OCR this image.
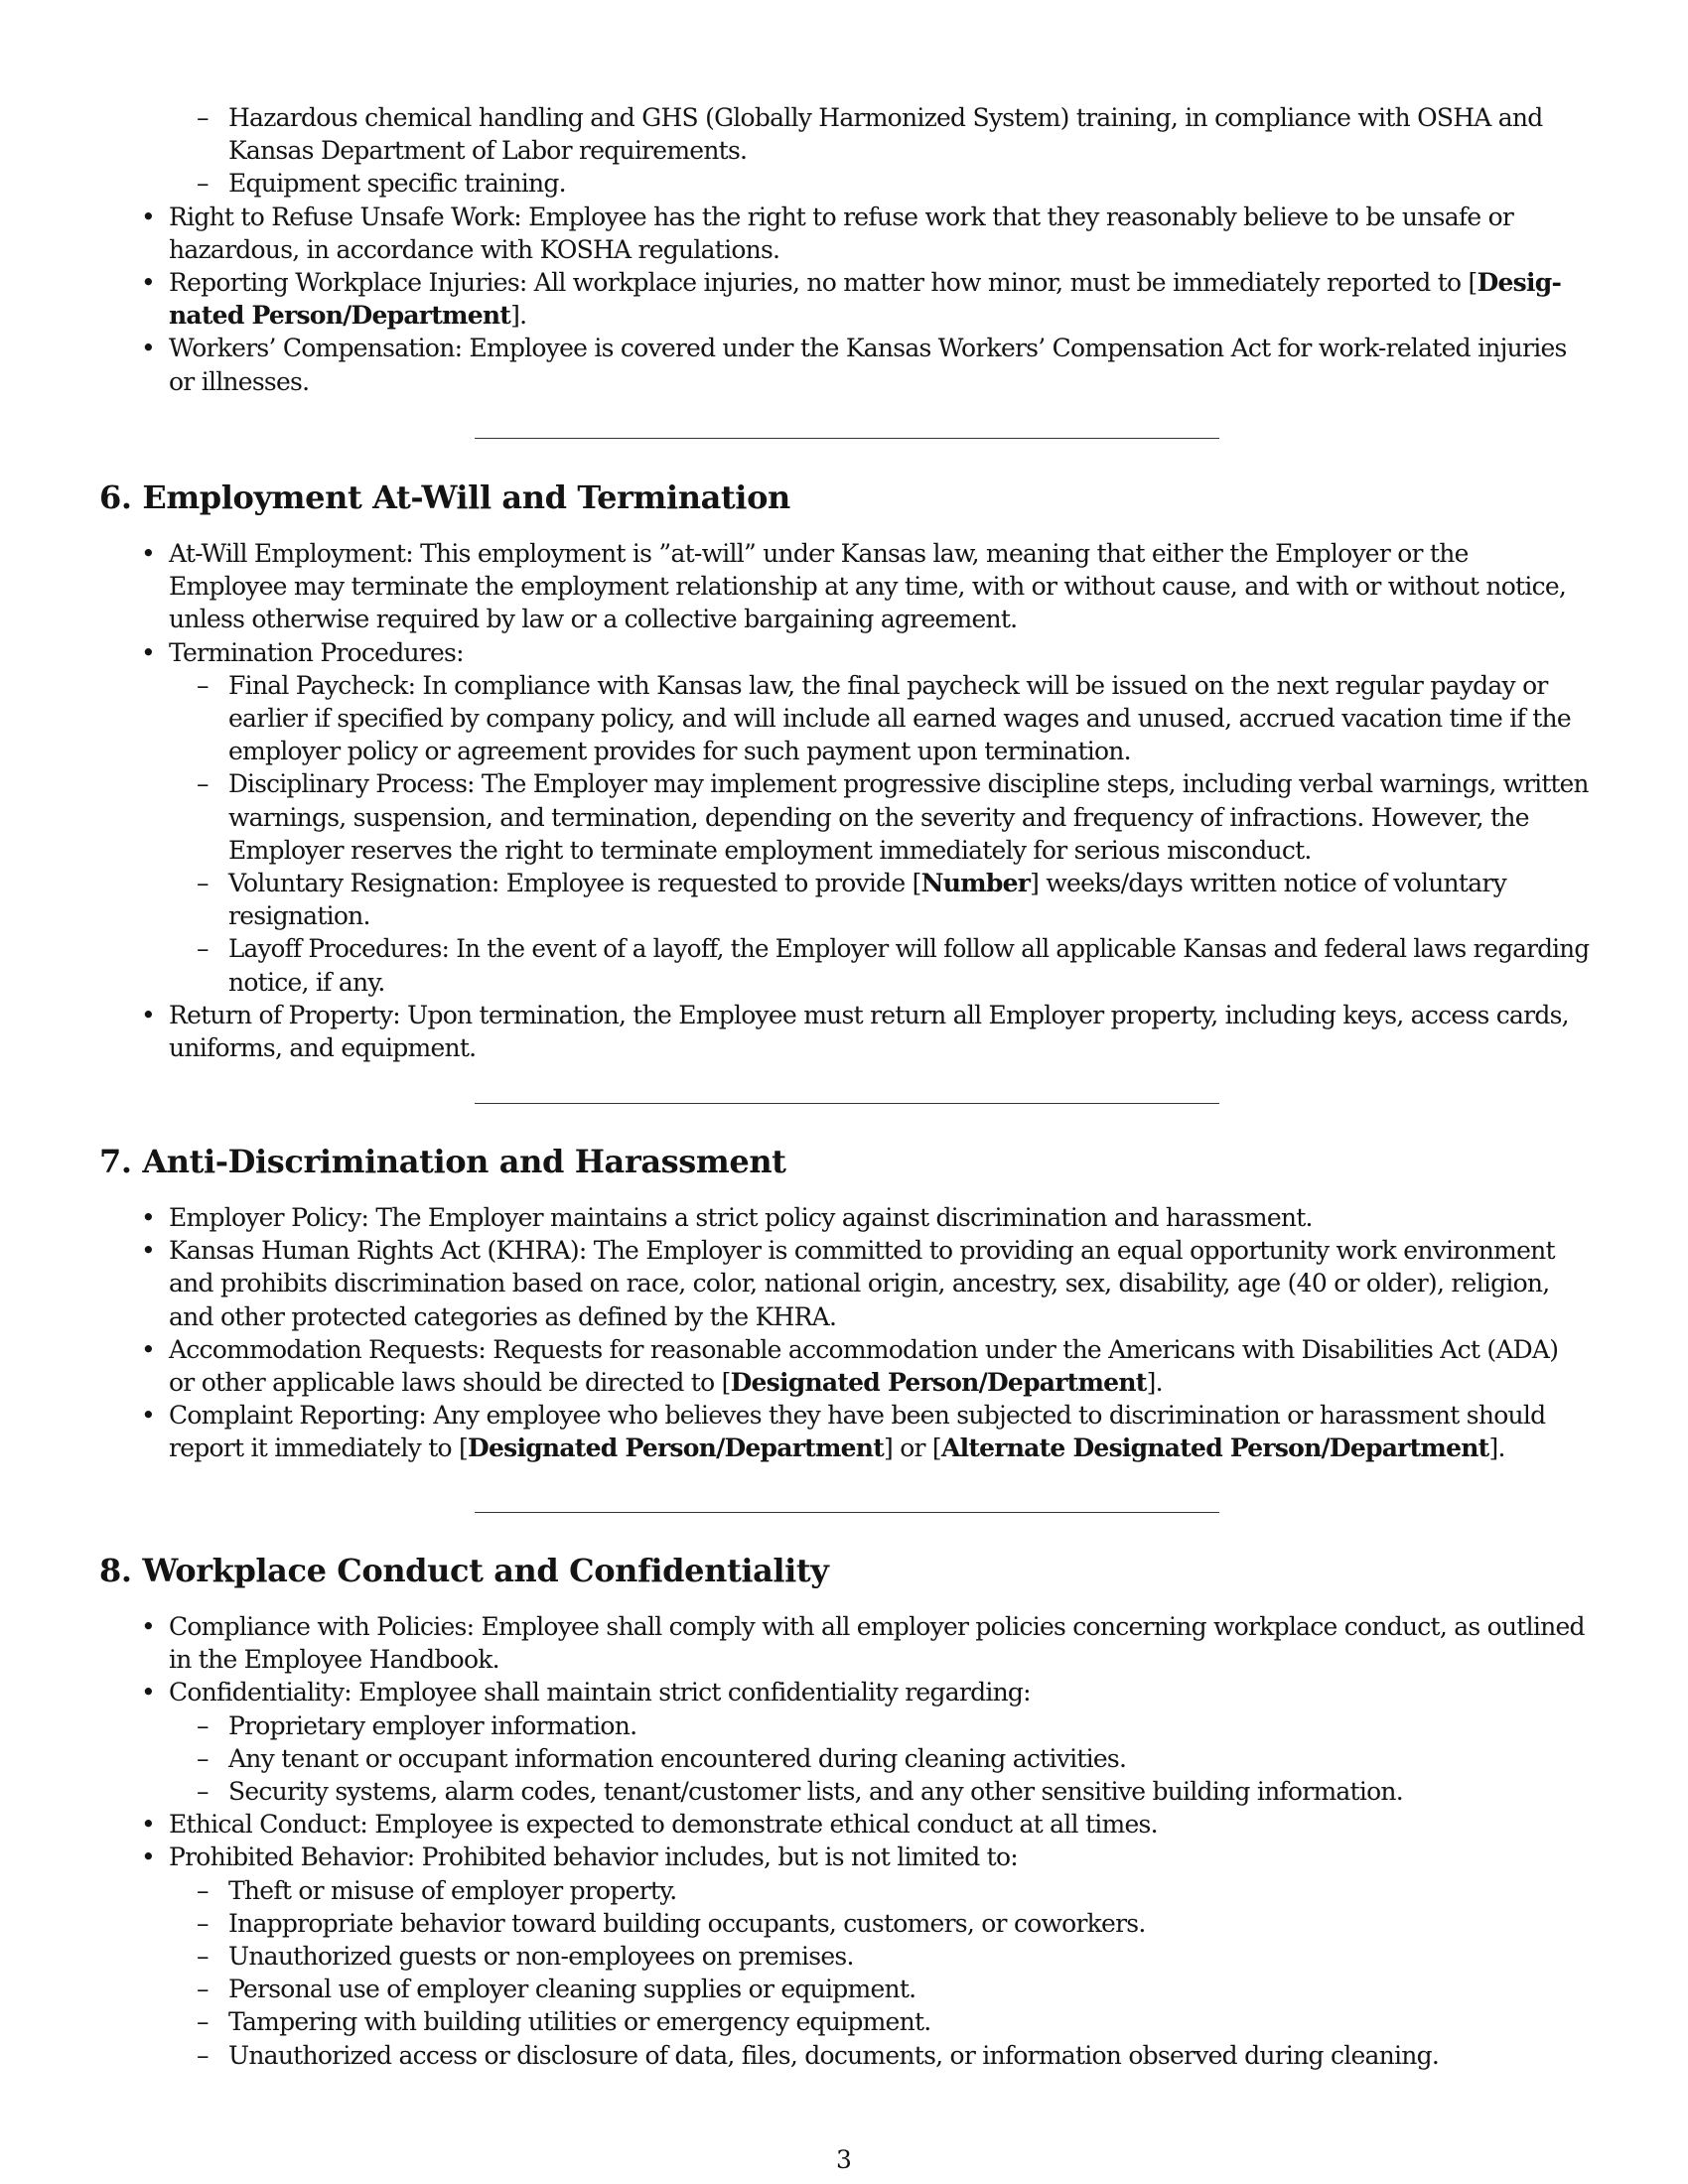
– Hazardous chemical handling and GHS (Globally Harmonized System) training, in compliance with OSHA and
Kansas Department of Labor requirements.
– Equipment specific training.
• Right to Refuse Unsafe Work: Employee has the right to refuse work that they reasonably believe to be unsafe or
hazardous, in accordance with KOSHA regulations.
• Reporting Workplace Injuries: All workplace injuries, no matter how minor, must be immediately reported to [Desig-
nated Person/Department].
• Workers’ Compensation: Employee is covered under the Kansas Workers’ Compensation Act for work-related injuries
or illnesses.
6. Employment At-Will and Termination
• At-Will Employment: This employment is ”at-will” under Kansas law, meaning that either the Employer or the
Employee may terminate the employment relationship at any time, with or without cause, and with or without notice,
unless otherwise required by law or a collective bargaining agreement.
• Termination Procedures:
– Final Paycheck: In compliance with Kansas law, the final paycheck will be issued on the next regular payday or
earlier if specified by company policy, and will include all earned wages and unused, accrued vacation time if the
employer policy or agreement provides for such payment upon termination.
– Disciplinary Process: The Employer may implement progressive discipline steps, including verbal warnings, written
warnings, suspension, and termination, depending on the severity and frequency of infractions. However, the
Employer reserves the right to terminate employment immediately for serious misconduct.
– Voluntary Resignation: Employee is requested to provide [Number] weeks/days written notice of voluntary
resignation.
– Layoff Procedures: In the event of a layoff, the Employer will follow all applicable Kansas and federal laws regarding
notice, if any.
• Return of Property: Upon termination, the Employee must return all Employer property, including keys, access cards,
uniforms, and equipment.
7. Anti-Discrimination and Harassment
• Employer Policy: The Employer maintains a strict policy against discrimination and harassment.
• Kansas Human Rights Act (KHRA): The Employer is committed to providing an equal opportunity work environment
and prohibits discrimination based on race, color, national origin, ancestry, sex, disability, age (40 or older), religion,
and other protected categories as defined by the KHRA.
• Accommodation Requests: Requests for reasonable accommodation under the Americans with Disabilities Act (ADA)
or other applicable laws should be directed to [Designated Person/Department].
• Complaint Reporting: Any employee who believes they have been subjected to discrimination or harassment should
report it immediately to [Designated Person/Department] or [Alternate Designated Person/Department].
8. Workplace Conduct and Confidentiality
• Compliance with Policies: Employee shall comply with all employer policies concerning workplace conduct, as outlined
in the Employee Handbook.
• Confidentiality: Employee shall maintain strict confidentiality regarding:
– Proprietary employer information.
– Any tenant or occupant information encountered during cleaning activities.
– Security systems, alarm codes, tenant/customer lists, and any other sensitive building information.
• Ethical Conduct: Employee is expected to demonstrate ethical conduct at all times.
• Prohibited Behavior: Prohibited behavior includes, but is not limited to:
– Theft or misuse of employer property.
– Inappropriate behavior toward building occupants, customers, or coworkers.
– Unauthorized guests or non-employees on premises.
– Personal use of employer cleaning supplies or equipment.
– Tampering with building utilities or emergency equipment.
– Unauthorized access or disclosure of data, files, documents, or information observed during cleaning.
3
